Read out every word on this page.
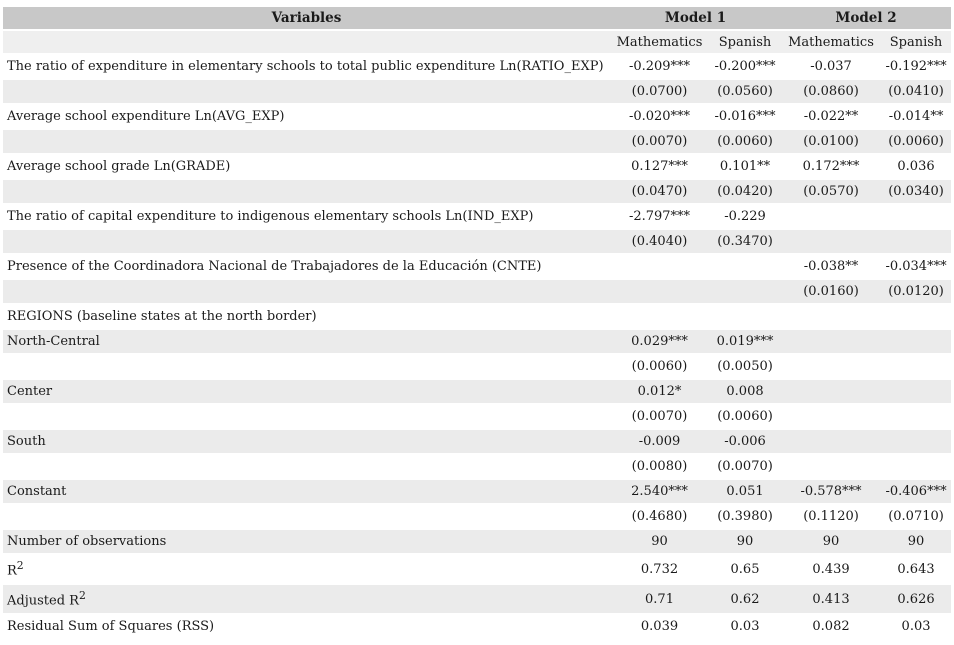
Variables	Model 1		Model 2	
	Mathematics	Spanish	Mathematics	Spanish
The ratio of expenditure in elementary schools to total public expenditure Ln(RATIO_EXP)	-0.209***	-0.200***	-0.037	-0.192***
	(0.0700)	(0.0560)	(0.0860)	(0.0410)
Average school expenditure Ln(AVG_EXP)	-0.020***	-0.016***	-0.022**	-0.014**
	(0.0070)	(0.0060)	(0.0100)	(0.0060)
Average school grade Ln(GRADE)	0.127***	0.101**	0.172***	0.036
	(0.0470)	(0.0420)	(0.0570)	(0.0340)
The ratio of capital expenditure to indigenous elementary schools Ln(IND_EXP)	-2.797***	-0.229		
	(0.4040)	(0.3470)		
Presence of the Coordinadora Nacional de Trabajadores de la Educación (CNTE)			-0.038**	-0.034***
			(0.0160)	(0.0120)
REGIONS (baseline states at the north border)				
North-Central	0.029***	0.019***		
	(0.0060)	(0.0050)		
Center	0.012*	0.008		
	(0.0070)	(0.0060)		
South	-0.009	-0.006		
	(0.0080)	(0.0070)		
Constant	2.540***	0.051	-0.578***	-0.406***
	(0.4680)	(0.3980)	(0.1120)	(0.0710)
Number of observations	90	90	90	90
$R^2$	0.732	0.65	0.439	0.643
Adjusted $R^2$	0.71	0.62	0.413	0.626
Residual Sum of Squares (RSS)	0.039	0.03	0.082	0.03
